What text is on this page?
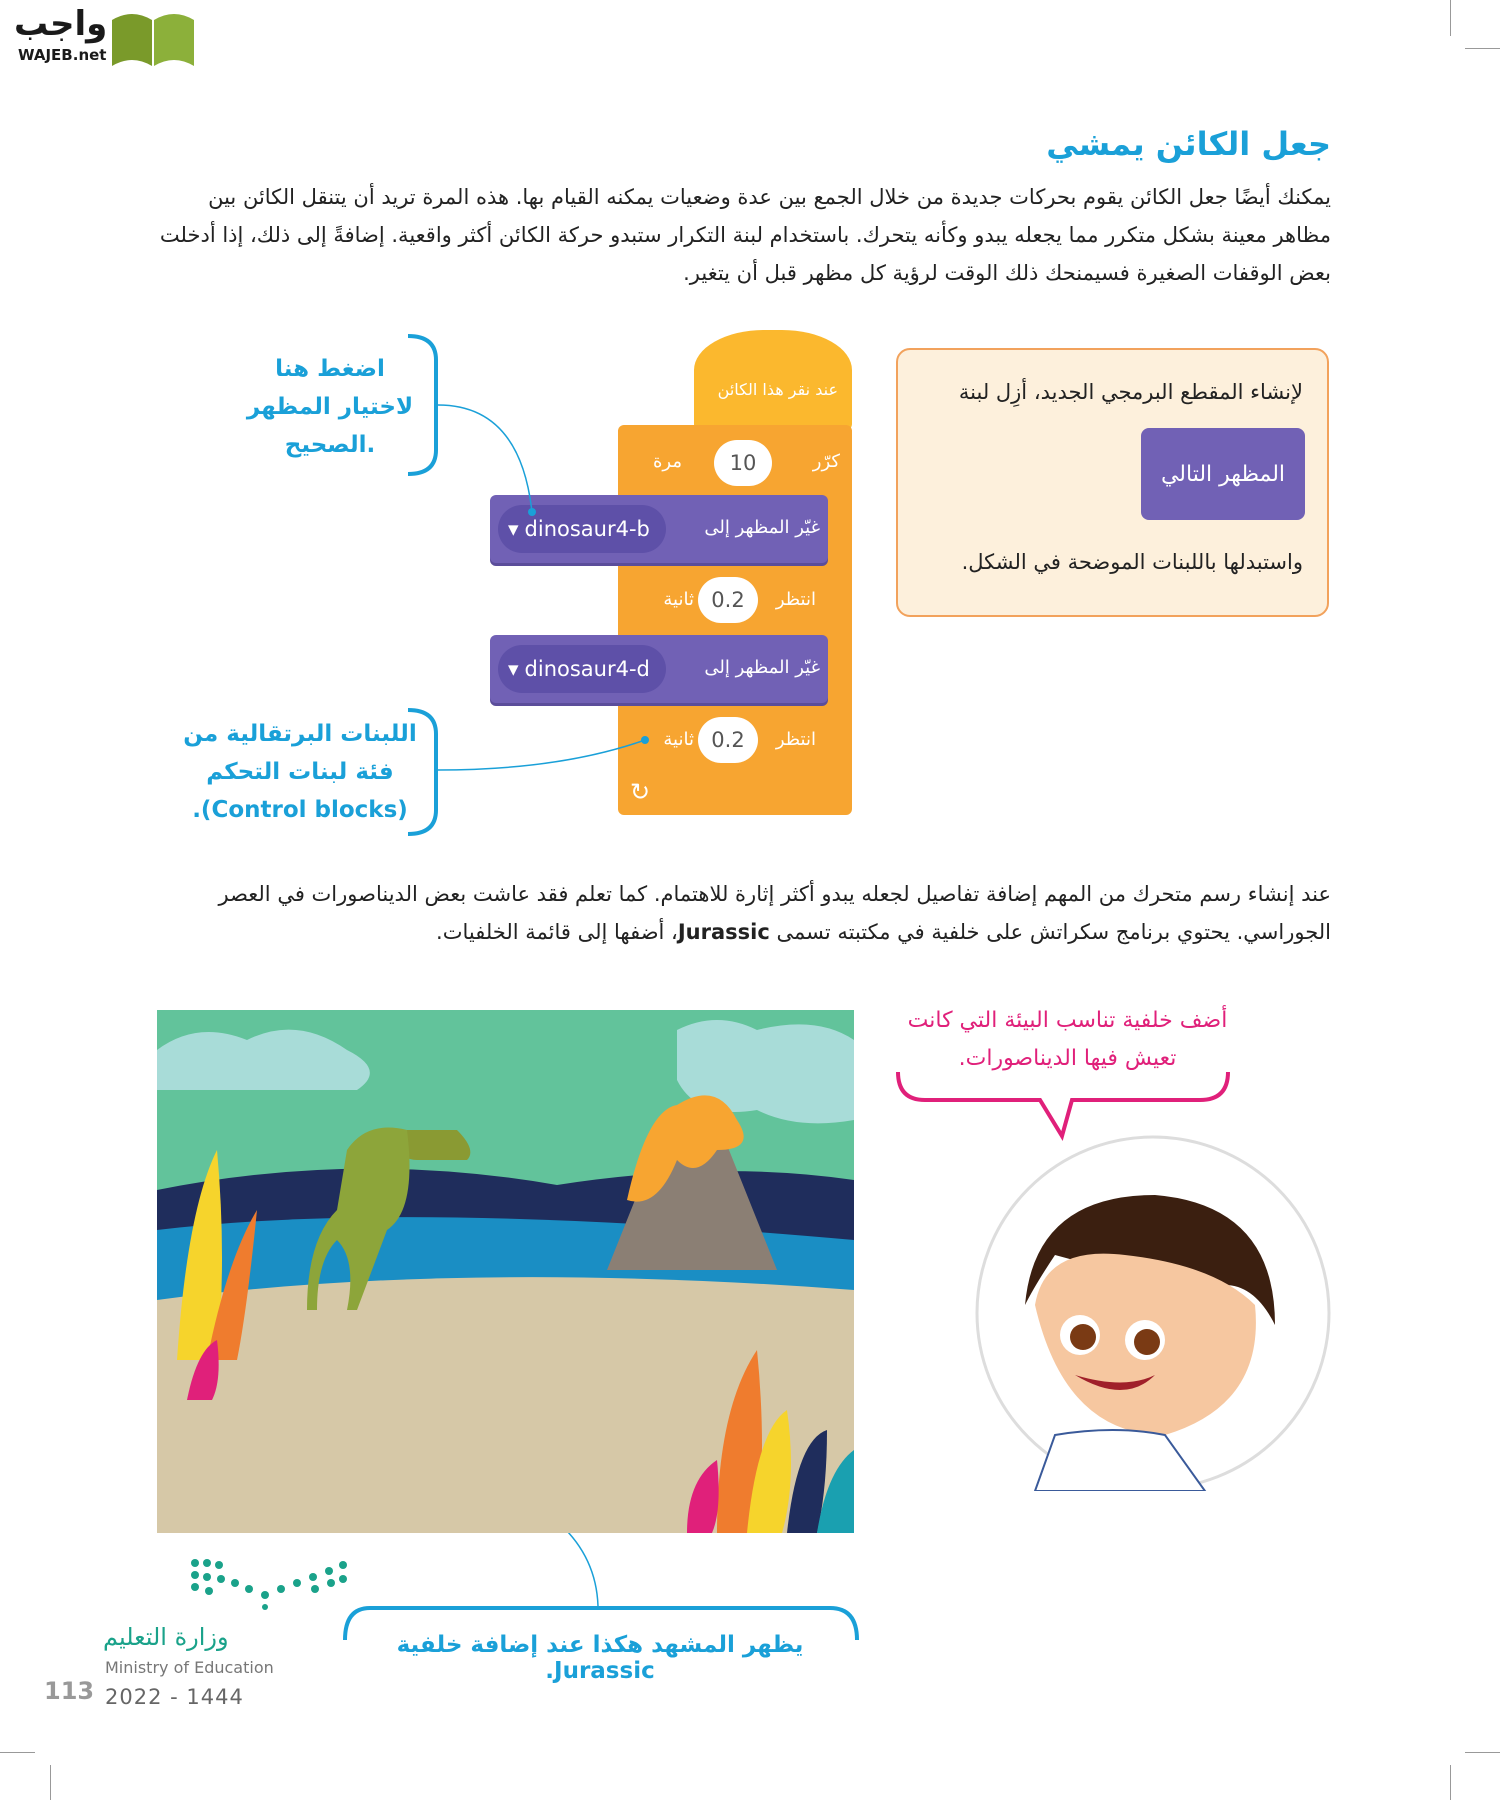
واجب
WAJEB.net
جعل الكائن يمشي

يمكنك أيضًا جعل الكائن يقوم بحركات جديدة من خلال الجمع بين عدة وضعيات يمكنه القيام بها. هذه المرة تريد أن يتنقل الكائن بين مظاهر معينة بشكل متكرر مما يجعله يبدو وكأنه يتحرك. باستخدام لبنة التكرار ستبدو حركة الكائن أكثر واقعية. إضافةً إلى ذلك، إذا أدخلت بعض الوقفات الصغيرة فسيمنحك ذلك الوقت لرؤية كل مظهر قبل أن يتغير.

لإنشاء المقطع البرمجي الجديد، أزِل لبنة
المظهر التالي
واستبدلها باللبنات الموضحة في الشكل.
عند نقر هذا الكائن
كرّر
مرة	10
غيّر المظهر إلى
▾ dinosaur4-b
انتظر
ثانية 0.2
غيّر المظهر إلى
▾ dinosaur4-d
انتظر
ثانية 0.2
↻
اضغط هنا لاختيار المظهر الصحيح.
اللبنات البرتقالية من فئة لبنات التحكم (Control blocks).

عند إنشاء رسم متحرك من المهم إضافة تفاصيل لجعله يبدو أكثر إثارة للاهتمام. كما تعلم فقد عاشت بعض الديناصورات في العصر الجوراسي. يحتوي برنامج سكراتش على خلفية في مكتبته تسمى Jurassic، أضفها إلى قائمة الخلفيات.

أضف خلفية تناسب البيئة التي كانت تعيش فيها الديناصورات.
يظهر المشهد هكذا عند إضافة خلفية Jurassic.
وزارة التعليم
113
Ministry of Education
2022 - 1444
